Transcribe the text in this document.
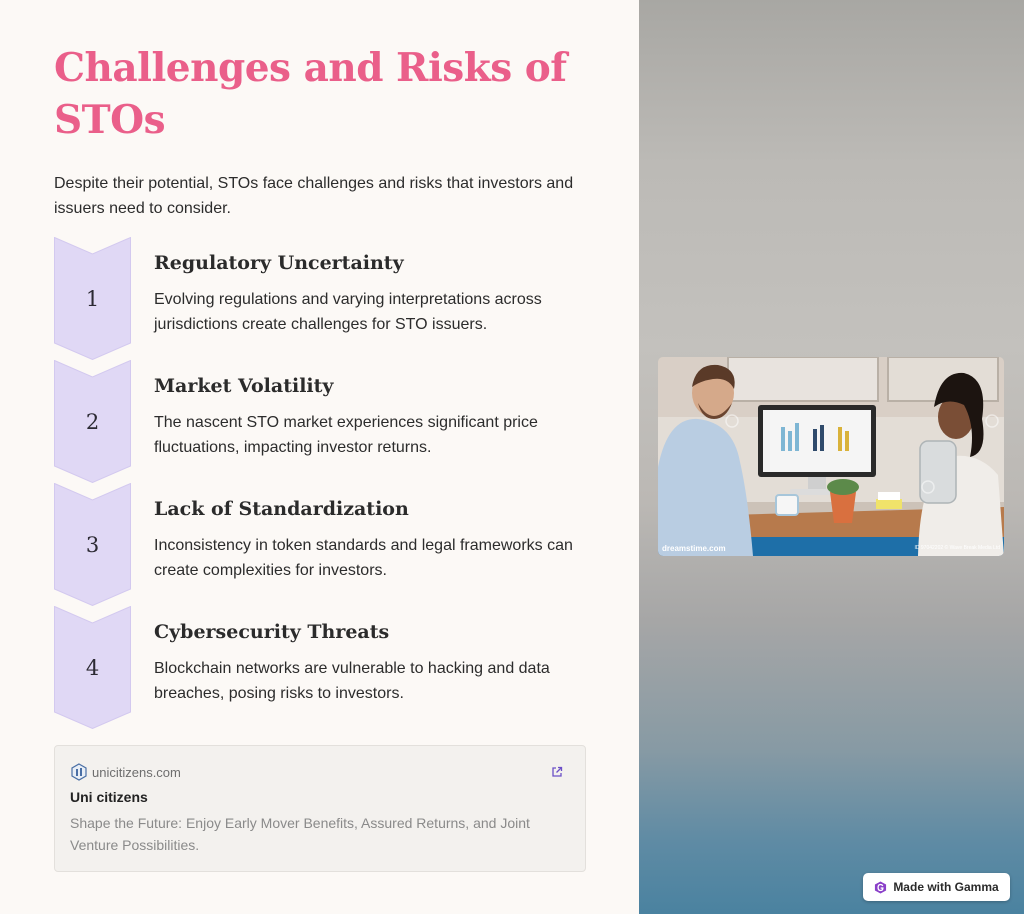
Challenges and Risks of STOs

Despite their potential, STOs face challenges and risks that investors and issuers need to consider.

1
Regulatory Uncertainty
Evolving regulations and varying interpretations across jurisdictions create challenges for STO issuers.
2
Market Volatility
The nascent STO market experiences significant price fluctuations, impacting investor returns.
3
Lack of Standardization
Inconsistency in token standards and legal frameworks can create complexities for investors.
4
Cybersecurity Threats
Blockchain networks are vulnerable to hacking and data breaches, posing risks to investors.
unicitizens.com
Uni citizens
Shape the Future: Enjoy Early Mover Benefits, Assured Returns, and Joint Venture Possibilities.
dreamstime.com	ID 97042202 © Wave Break Media Ltd
Made with Gamma
